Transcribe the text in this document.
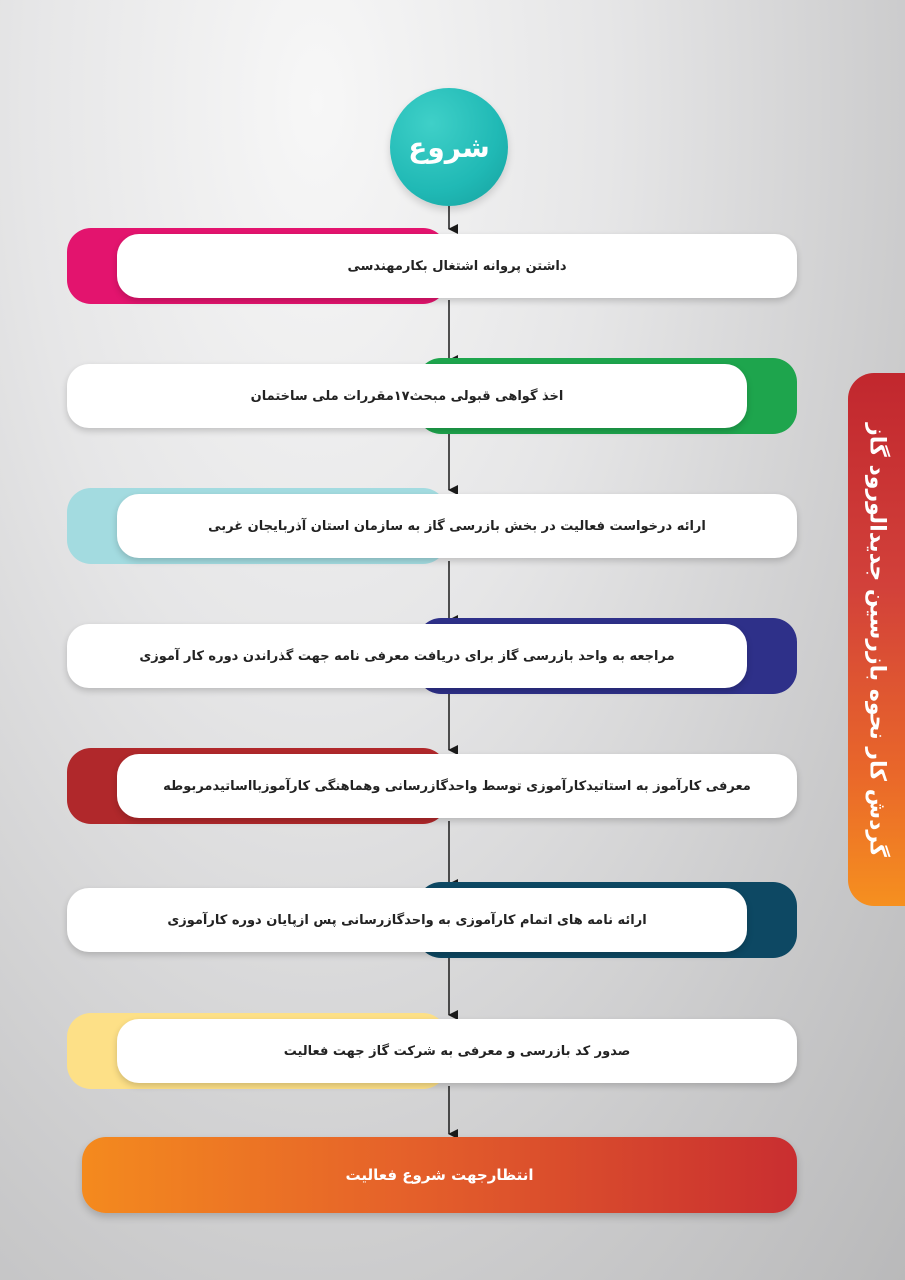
شروع
داشتن پروانه اشتغال بکارمهندسی
اخذ گواهی قبولی مبحث۱۷مقررات ملی ساختمان
ارائه درخواست فعالیت در بخش بازرسی گاز به سازمان استان آذربایجان غربی
مراجعه به واحد بازرسی گاز برای دریافت معرفی نامه جهت گذراندن دوره کار آموزی
معرفی کارآموز به استاتیدکارآموزی توسط واحدگازرسانی وهماهنگی کارآموزبااساتیدمربوطه
ارائه نامه های اتمام کارآموزی به واحدگازرسانی پس ازپایان دوره کارآموزی
صدور کد بازرسی و معرفی به شرکت گاز جهت فعالیت
انتظارجهت شروع فعالیت
گردش کار نحوه بازرسین جدیدالورود گاز
